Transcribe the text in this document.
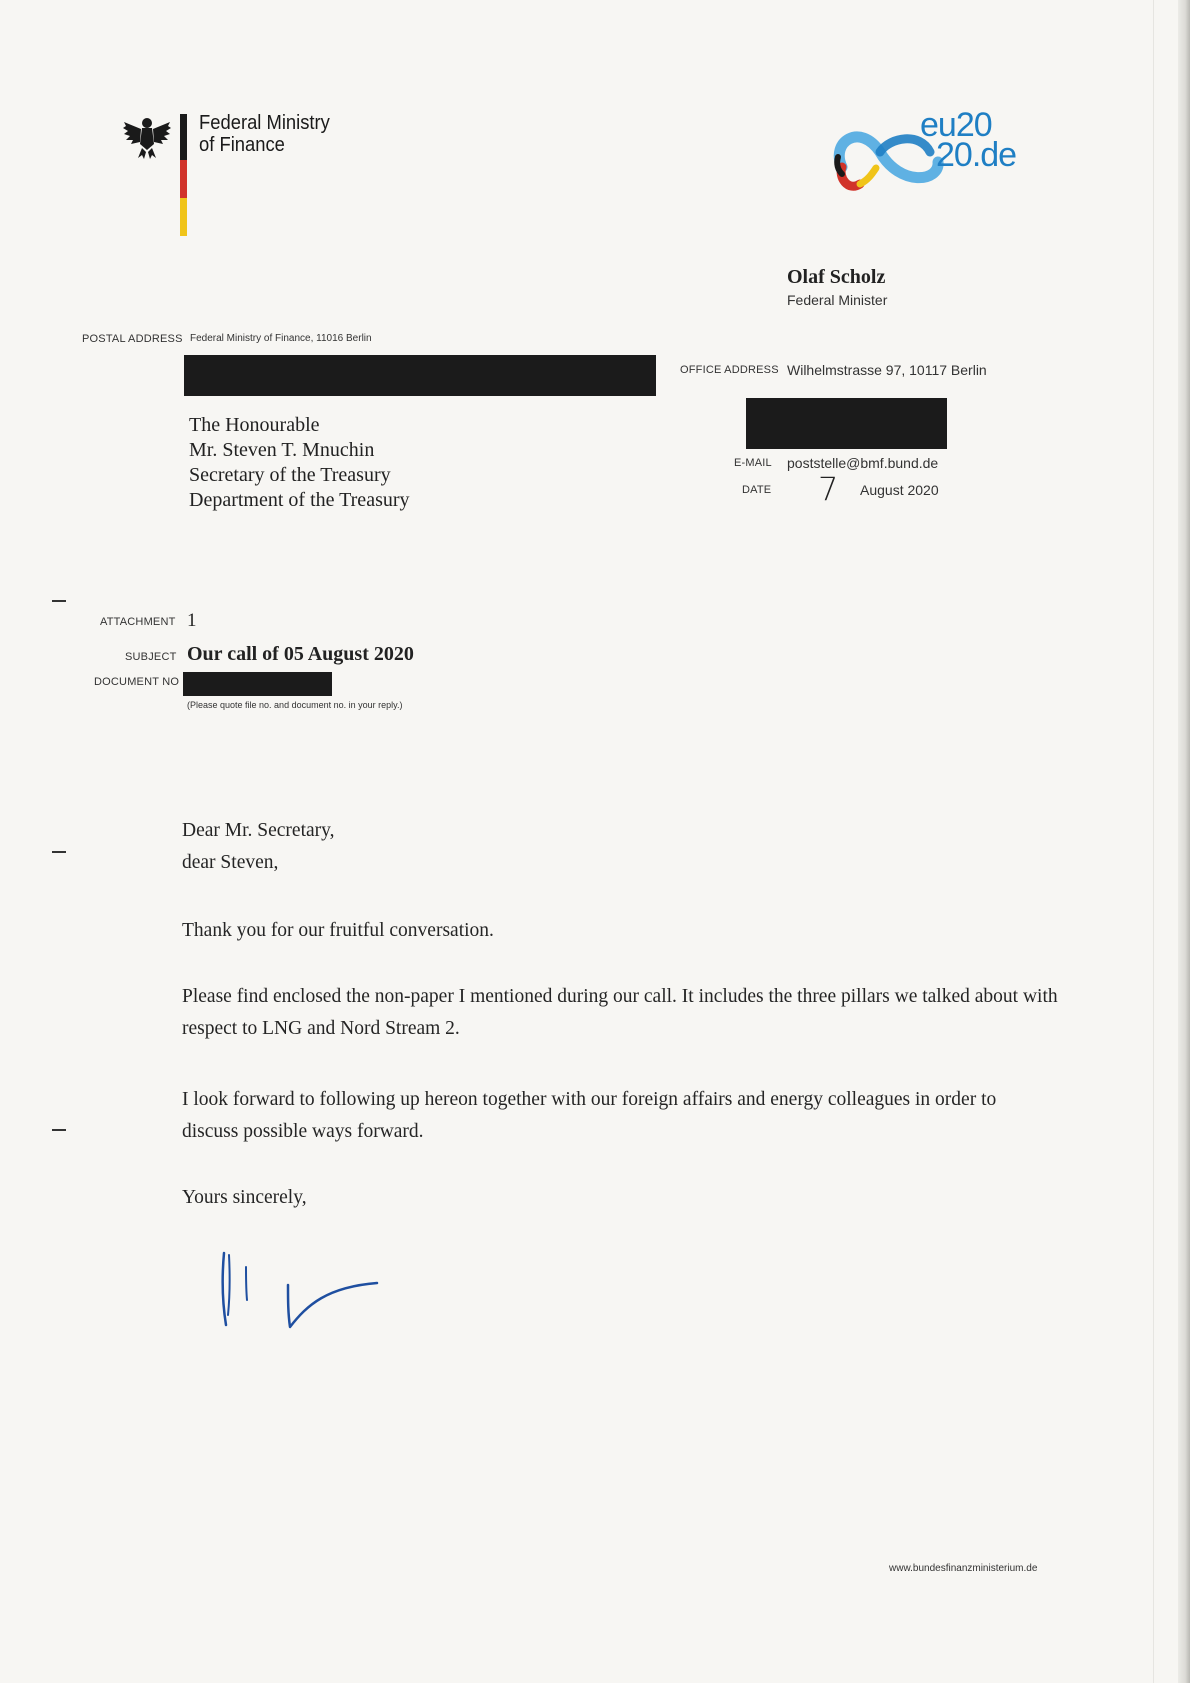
Federal Ministry
of Finance
eu20
20.de
Olaf Scholz
Federal Minister
POSTAL ADDRESS Federal Ministry of Finance, 11016 Berlin
OFFICE ADDRESS Wilhelmstrasse 97, 10117 Berlin
E-MAIL poststelle@bmf.bund.de
DATE 7 August 2020
The Honourable
Mr. Steven T. Mnuchin
Secretary of the Treasury
Department of the Treasury
ATTACHMENT 1
SUBJECT Our call of 05 August 2020
DOCUMENT NO
(Please quote file no. and document no. in your reply.)
Dear Mr. Secretary,
dear Steven,
Thank you for our fruitful conversation.
Please find enclosed the non-paper I mentioned during our call. It includes the three pillars we talked about with respect to LNG and Nord Stream 2.
I look forward to following up hereon together with our foreign affairs and energy colleagues in order to discuss possible ways forward.
Yours sincerely,
www.bundesfinanzministerium.de
